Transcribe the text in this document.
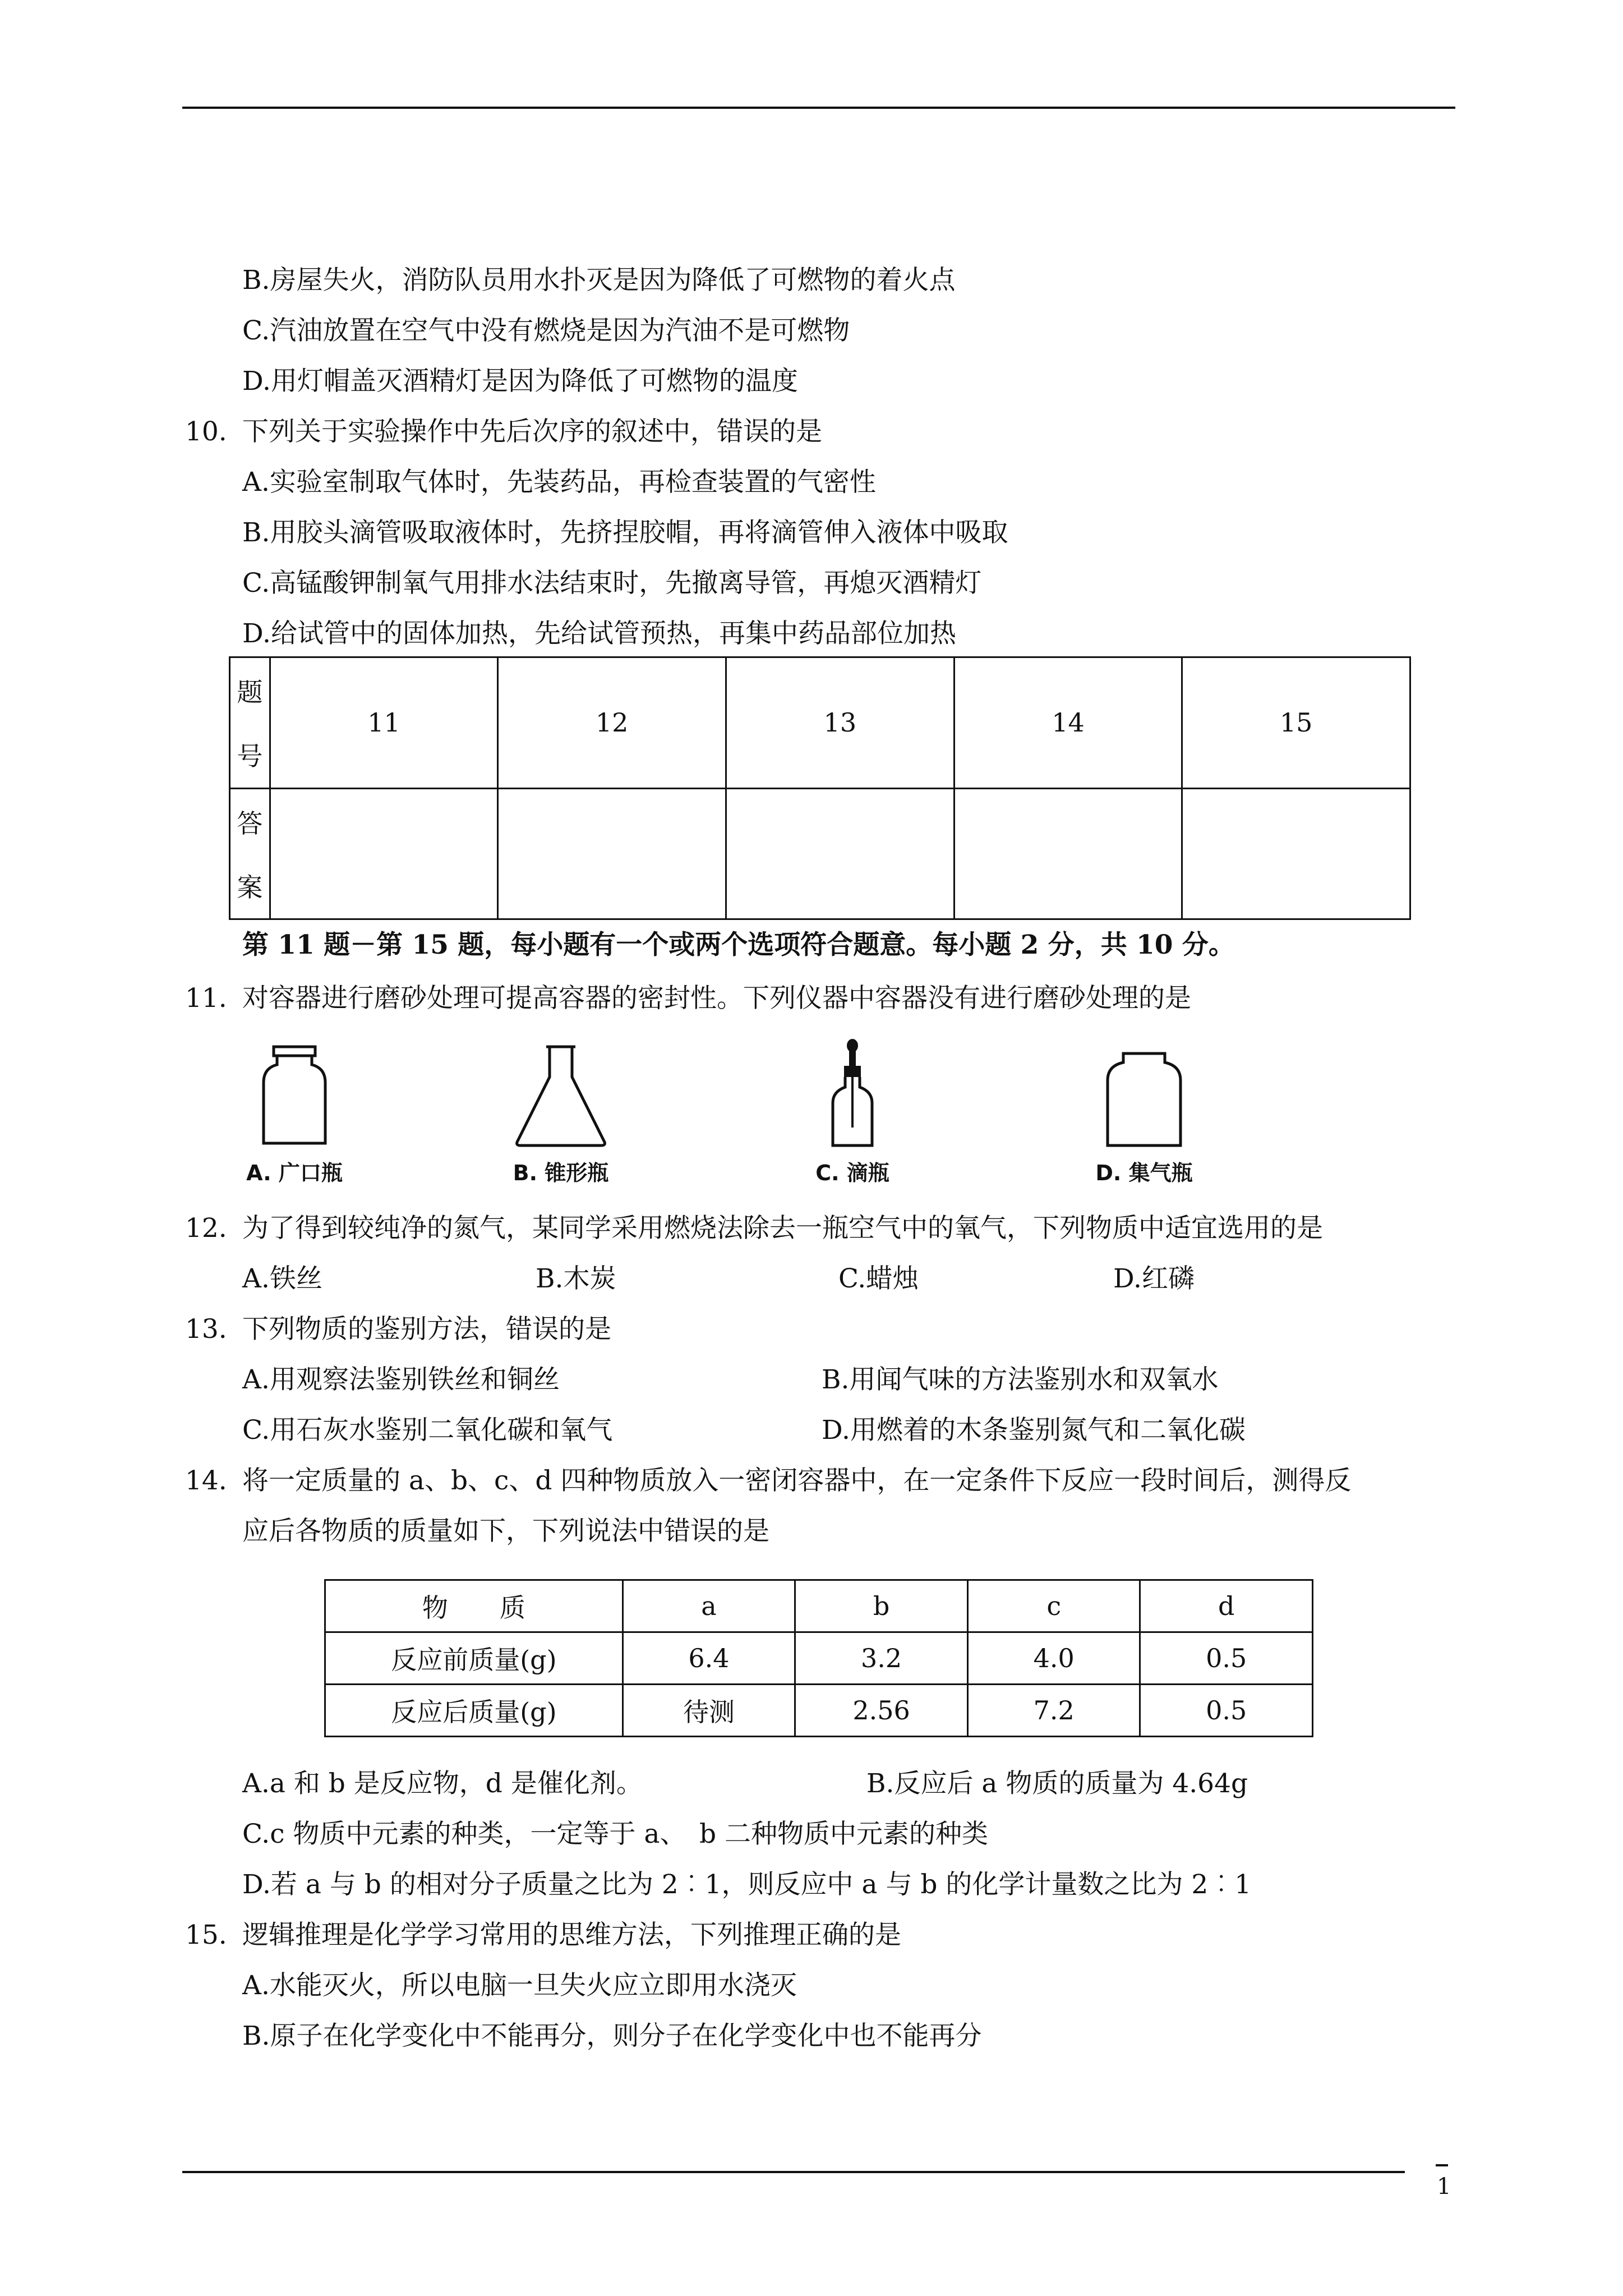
B.房屋失火，消防队员用水扑灭是因为降低了可燃物的着火点
C.汽油放置在空气中没有燃烧是因为汽油不是可燃物
D.用灯帽盖灭酒精灯是因为降低了可燃物的温度
10. 下列关于实验操作中先后次序的叙述中，错误的是
A.实验室制取气体时，先装药品，再检查装置的气密性
B.用胶头滴管吸取液体时，先挤捏胶帽，再将滴管伸入液体中吸取
C.高锰酸钾制氧气用排水法结束时，先撤离导管，再熄灭酒精灯
D.给试管中的固体加热，先给试管预热，再集中药品部位加热
题
号	11	12	13	14	15

答
案					

第 11 题－第 15 题，每小题有一个或两个选项符合题意。每小题 2 分，共 10 分。
11. 对容器进行磨砂处理可提高容器的密封性。下列仪器中容器没有进行磨砂处理的是
A. 广口瓶	B. 锥形瓶	C. 滴瓶	D. 集气瓶
12. 为了得到较纯净的氮气，某同学采用燃烧法除去一瓶空气中的氧气，下列物质中适宜选用的是
A.铁丝	B.木炭	C.蜡烛	D.红磷
13. 下列物质的鉴别方法，错误的是
A.用观察法鉴别铁丝和铜丝	B.用闻气味的方法鉴别水和双氧水
C.用石灰水鉴别二氧化碳和氧气	D.用燃着的木条鉴别氮气和二氧化碳
14. 将一定质量的 a、b、c、d 四种物质放入一密闭容器中，在一定条件下反应一段时间后，测得反
应后各物质的质量如下，下列说法中错误的是
物　　质	a	b	c	d
反应前质量(g)	6.4	3.2	4.0	0.5
反应后质量(g)	待测	2.56	7.2	0.5
A.a 和 b 是反应物，d 是催化剂。	B.反应后 a 物质的质量为 4.64g
C.c 物质中元素的种类，一定等于 a、　b 二种物质中元素的种类
D.若 a 与 b 的相对分子质量之比为 2︰1，则反应中 a 与 b 的化学计量数之比为 2︰1
15. 逻辑推理是化学学习常用的思维方法，下列推理正确的是
A.水能灭火，所以电脑一旦失火应立即用水浇灭
B.原子在化学变化中不能再分，则分子在化学变化中也不能再分
1
